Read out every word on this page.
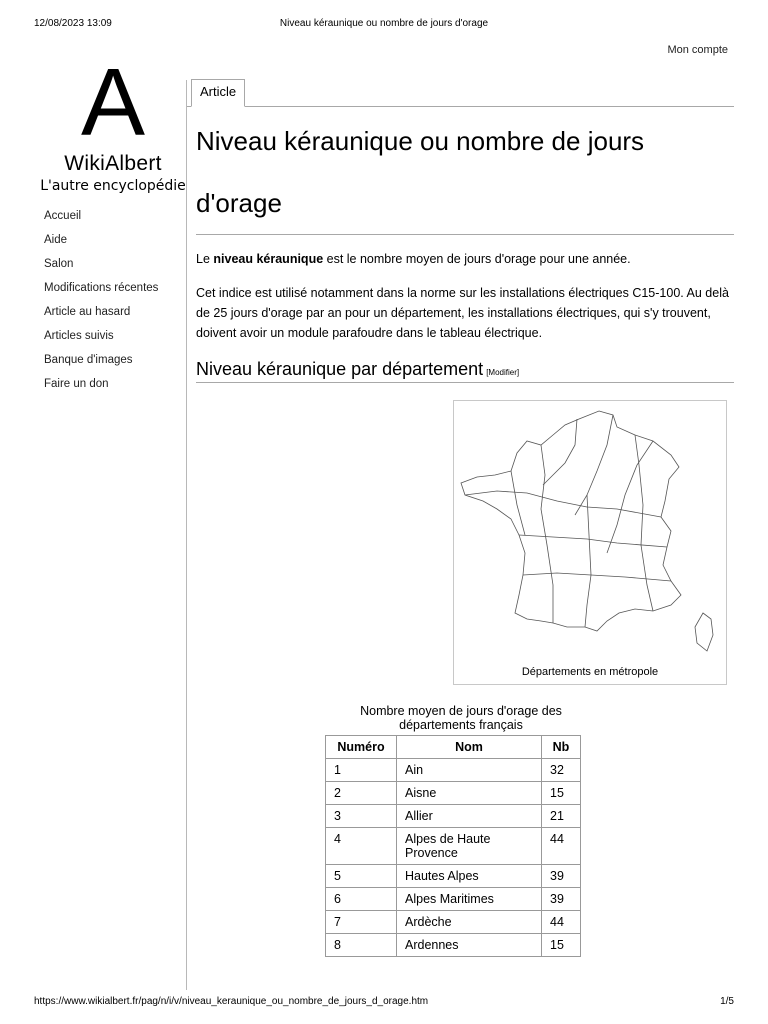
12/08/2023 13:09	Niveau kéraunique ou nombre de jours d'orage
Mon compte
A
WikiAlbert
L'autre encyclopédie
Accueil
Aide
Salon
Modifications récentes
Article au hasard
Articles suivis
Banque d'images
Faire un don
Article
Niveau kéraunique ou nombre de jours d'orage

Le niveau kéraunique est le nombre moyen de jours d'orage pour une année.

Cet indice est utilisé notamment dans la norme sur les installations électriques C15-100. Au delà de 25 jours d'orage par an pour un département, les installations électriques, qui s'y trouvent, doivent avoir un module parafoudre dans le tableau électrique.

Niveau kéraunique par département [Modifier]
Départements en métropole
Nombre moyen de jours d'orage des départements français
Numéro	Nom	Nb
1	Ain	32
2	Aisne	15
3	Allier	21
4	Alpes de Haute Provence	44
5	Hautes Alpes	39
6	Alpes Maritimes	39
7	Ardèche	44
8	Ardennes	15
https://www.wikialbert.fr/pag/n/i/v/niveau_keraunique_ou_nombre_de_jours_d_orage.htm	1/5
